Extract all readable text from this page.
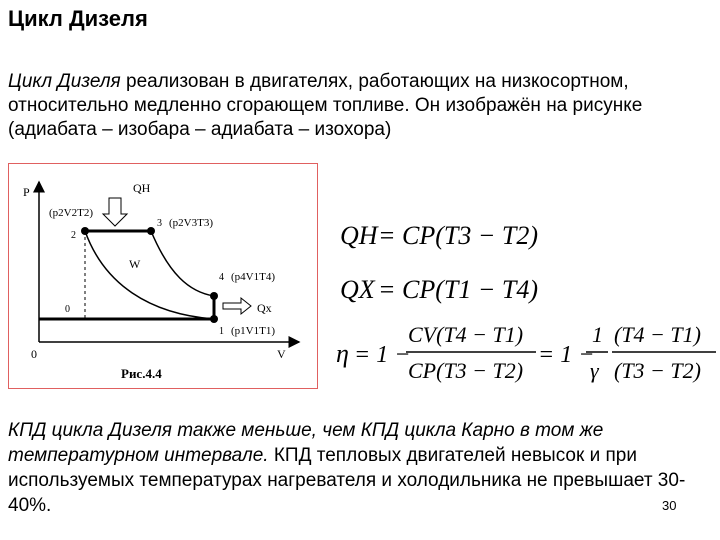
Цикл Дизеля
Цикл Дизеля реализован в двигателях, работающих на низкосортном, относительно медленно сгорающем топливе. Он изображён на рисунке (адиабата – изобара – адиабата – изохора)
P
V
0
QН
Qх
W
(p2V2T2)
2
3 (p2V3T3)
4 (p4V1T4)
0
1 (p1V1T1)
Рис.4.4
QH = CP(T3 − T2)
QX = CP(T1 − T4)
η = 1 −
CV(T4 − T1)
CP(T3 − T2)
= 1 −
1
γ
(T4 − T1)
(T3 − T2)
КПД цикла Дизеля также меньше, чем КПД цикла Карно в том же температурном интервале. КПД тепловых двигателей невысок и при используемых температурах нагревателя и холодильника не превышает 30-40%.	30
